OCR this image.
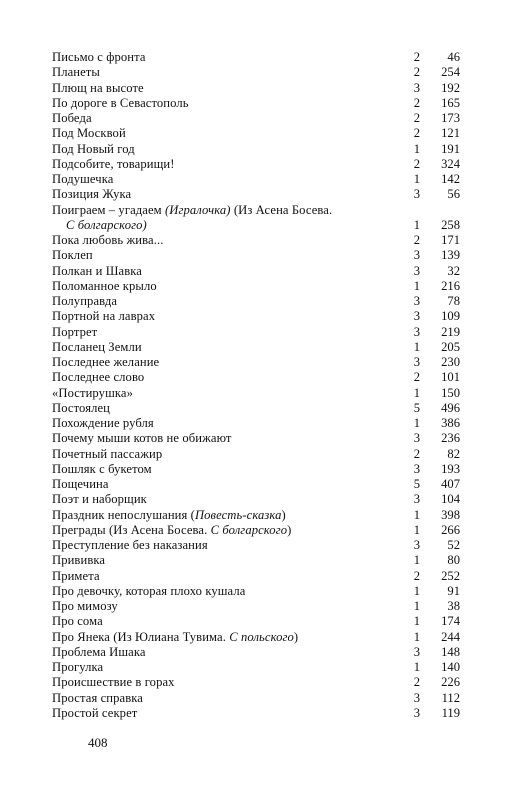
Письмо с фронта	2	46
Планеты	2	254
Плющ на высоте	3	192
По дороге в Севастополь	2	165
Победа	2	173
Под Москвой	2	121
Под Новый год	1	191
Подсобите, товарищи!	2	324
Подушечка	1	142
Позиция Жука	3	56
Поиграем – угадаем (Игралочка) (Из Асена Босева.
С болгарского)	1	258
Пока любовь жива...	2	171
Поклеп	3	139
Полкан и Шавка	3	32
Поломанное крыло	1	216
Полуправда	3	78
Портной на лаврах	3	109
Портрет	3	219
Посланец Земли	1	205
Последнее желание	3	230
Последнее слово	2	101
«Постирушка»	1	150
Постоялец	5	496
Похождение рубля	1	386
Почему мыши котов не обижают	3	236
Почетный пассажир	2	82
Пошляк с букетом	3	193
Пощечина	5	407
Поэт и наборщик	3	104
Праздник непослушания (Повесть-сказка)	1	398
Преграды (Из Асена Босева. С болгарского)	1	266
Преступление без наказания	3	52
Прививка	1	80
Примета	2	252
Про девочку, которая плохо кушала	1	91
Про мимозу	1	38
Про сома	1	174
Про Янека (Из Юлиана Тувима. С польского)	1	244
Проблема Ишака	3	148
Прогулка	1	140
Происшествие в горах	2	226
Простая справка	3	112
Простой секрет	3	119
408
